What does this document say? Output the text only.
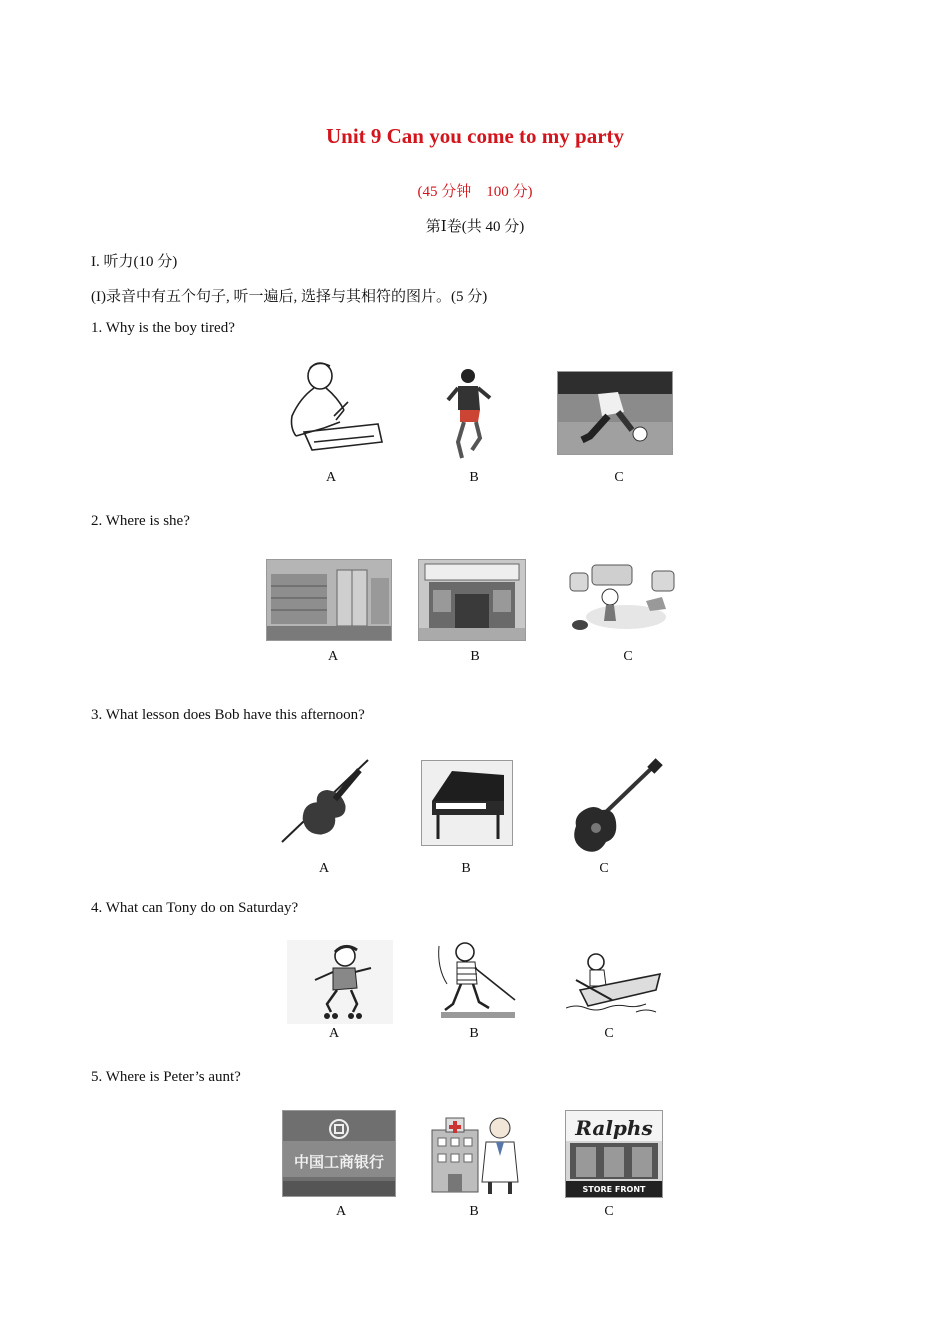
Unit 9 Can you come to my party
(45 分钟    100 分)
第Ⅰ卷(共 40 分)
I. 听力(10 分)
(I)录音中有五个句子, 听一遍后, 选择与其相符的图片。(5 分)
1. Why is the boy tired?
A	B	C
2. Where is she?
A	B	C
3. What lesson does Bob have this afternoon?
A	B	C
4. What can Tony do on Saturday?
A	B	C
5. Where is Peter’s aunt?
中国工商银行
Ralphs
STORE FRONT
A	B	C
